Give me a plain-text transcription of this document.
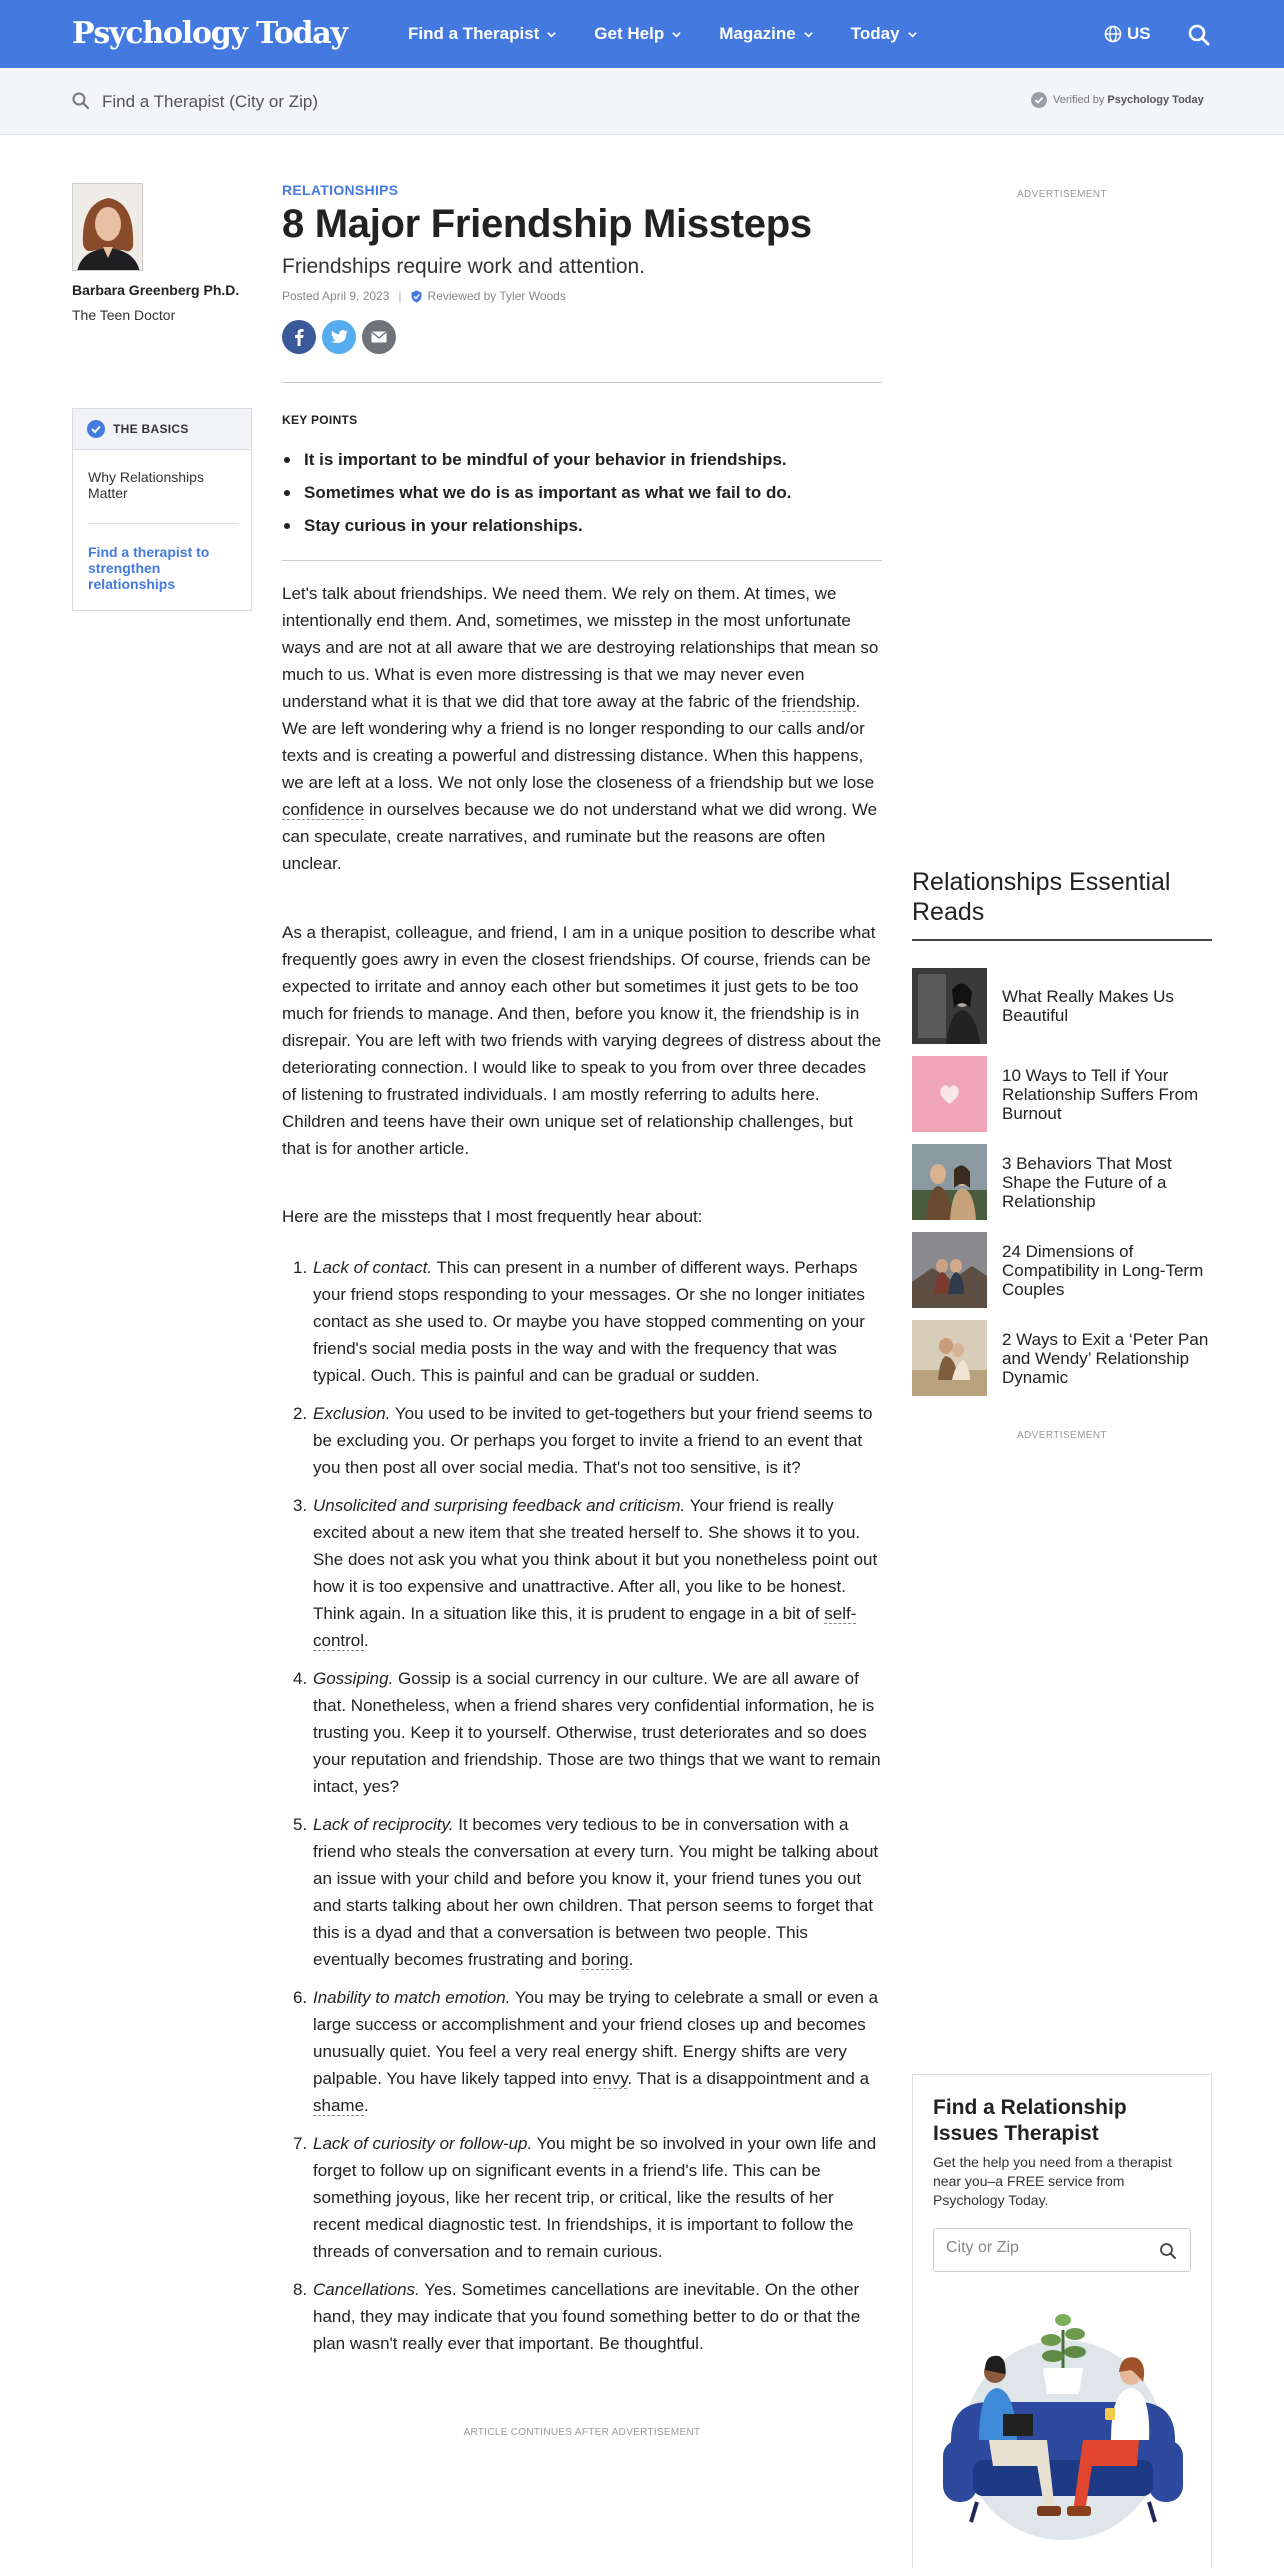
Psychology Today	Find a Therapist	Get Help	Magazine	Today	US
Find a Therapist (City or Zip)	Verified by Psychology Today
Barbara Greenberg Ph.D.
The Teen Doctor
THE BASICS
Why Relationships Matter
Find a therapist to strengthen relationships
RELATIONSHIPS
8 Major Friendship Missteps
Friendships require work and attention.
Posted April 9, 2023 | Reviewed by Tyler Woods
KEY POINTS
It is important to be mindful of your behavior in friendships.
Sometimes what we do is as important as what we fail to do.
Stay curious in your relationships.

Let's talk about friendships. We need them. We rely on them. At times, we intentionally end them. And, sometimes, we misstep in the most unfortunate ways and are not at all aware that we are destroying relationships that mean so much to us. What is even more distressing is that we may never even understand what it is that we did that tore away at the fabric of the friendship. We are left wondering why a friend is no longer responding to our calls and/or texts and is creating a powerful and distressing distance. When this happens, we are left at a loss. We not only lose the closeness of a friendship but we lose confidence in ourselves because we do not understand what we did wrong. We can speculate, create narratives, and ruminate but the reasons are often unclear.

As a therapist, colleague, and friend, I am in a unique position to describe what frequently goes awry in even the closest friendships. Of course, friends can be expected to irritate and annoy each other but sometimes it just gets to be too much for friends to manage. And then, before you know it, the friendship is in disrepair. You are left with two friends with varying degrees of distress about the deteriorating connection. I would like to speak to you from over three decades of listening to frustrated individuals. I am mostly referring to adults here. Children and teens have their own unique set of relationship challenges, but that is for another article.

Here are the missteps that I most frequently hear about:

1. Lack of contact. This can present in a number of different ways. Perhaps your friend stops responding to your messages. Or she no longer initiates contact as she used to. Or maybe you have stopped commenting on your friend's social media posts in the way and with the frequency that was typical. Ouch. This is painful and can be gradual or sudden.
2. Exclusion. You used to be invited to get-togethers but your friend seems to be excluding you. Or perhaps you forget to invite a friend to an event that you then post all over social media. That's not too sensitive, is it?
3. Unsolicited and surprising feedback and criticism. Your friend is really excited about a new item that she treated herself to. She shows it to you. She does not ask you what you think about it but you nonetheless point out how it is too expensive and unattractive. After all, you like to be honest. Think again. In a situation like this, it is prudent to engage in a bit of self-control.
4. Gossiping. Gossip is a social currency in our culture. We are all aware of that. Nonetheless, when a friend shares very confidential information, he is trusting you. Keep it to yourself. Otherwise, trust deteriorates and so does your reputation and friendship. Those are two things that we want to remain intact, yes?
5. Lack of reciprocity. It becomes very tedious to be in conversation with a friend who steals the conversation at every turn. You might be talking about an issue with your child and before you know it, your friend tunes you out and starts talking about her own children. That person seems to forget that this is a dyad and that a conversation is between two people. This eventually becomes frustrating and boring.
6. Inability to match emotion. You may be trying to celebrate a small or even a large success or accomplishment and your friend closes up and becomes unusually quiet. You feel a very real energy shift. Energy shifts are very palpable. You have likely tapped into envy. That is a disappointment and a shame.
7. Lack of curiosity or follow-up. You might be so involved in your own life and forget to follow up on significant events in a friend's life. This can be something joyous, like her recent trip, or critical, like the results of her recent medical diagnostic test. In friendships, it is important to follow the threads of conversation and to remain curious.
8. Cancellations. Yes. Sometimes cancellations are inevitable. On the other hand, they may indicate that you found something better to do or that the plan wasn't really ever that important. Be thoughtful.
ARTICLE CONTINUES AFTER ADVERTISEMENT
ADVERTISEMENT
Relationships Essential Reads
What Really Makes Us Beautiful
10 Ways to Tell if Your Relationship Suffers From Burnout
3 Behaviors That Most Shape the Future of a Relationship
24 Dimensions of Compatibility in Long-Term Couples
2 Ways to Exit a ‘Peter Pan and Wendy’ Relationship Dynamic
ADVERTISEMENT
Find a Relationship Issues Therapist
Get the help you need from a therapist near you–a FREE service from Psychology Today.
City or Zip
